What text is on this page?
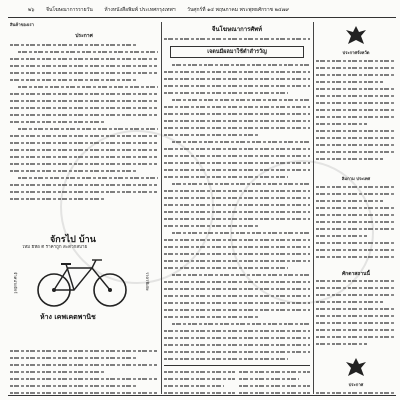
๒๖ จีนโฆษณาการรายวัน ห้างหนังสือพิมพ์ ประเทศกรุงเทพฯ วันศุกร์ที่ ๑๔ พฤษภาคม พระพุทธศักราช ๒๔๗๙
สินค้าของเรา
ประกาศ
จักรไป บ้าน
ใหม่ ยี่ห้อ ดี ราคาถูก สะดวกสบาย
จำหน่ายจักร์	ราคาพิเศษ
ห้าง เคพเคตพานิช
จีนโฆษณาการศัพท์
เจตนมีผลมาใช้ตำสำรวัญ	ประกาศจังหวัด
ลิมกาม ประเทศ
ศักดาสถานนี้
ประกาศ
